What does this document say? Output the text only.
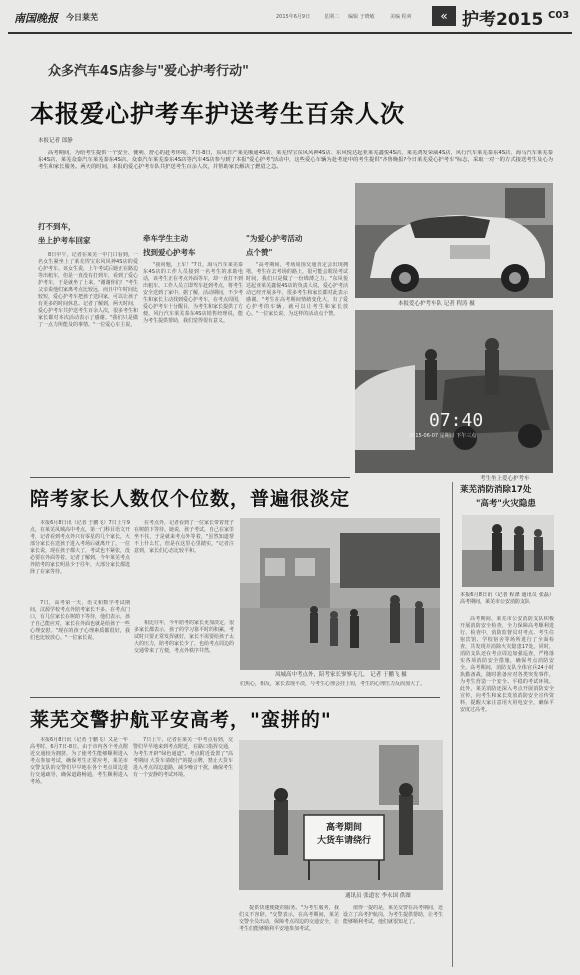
南国晚报 今日莱芜	2015年6月9日	星期二 编辑 于晓敏	美编 程爽	« 护考2015 C03
众多汽车4S店参与"爱心护考行动"
本报爱心护考车护送考生百余人次
本报记者 郎静
高考期间，为给考生提供一个安全、便利、舒心的赶考环境，7日-8日，东风日产莱芜顺通4S店、莱芜悍宝东风风神4S店、东风悦达起亚莱芜鑫悦4S店、莱芜鸿发荣威4S店、风行汽车莱芜泰东4S店、海马汽车莱芜泰东4S店、莱芜众泰汽车莱芜泰东4S店、众泰汽车莱芜泰东4S店等汽车4S店参与到了本报"爱心护考"活动中，这些爱心车辆为赴考途中的考生提供"齐鲁晚报?今日莱芜爱心护考车"标志，采取一对一的方式接送考生及心为考生和家长服务。两天的时间，本报的爱心护考车队共护送考生百余人次，并帮助家长解决了燃眉之急。
打不到车，
坐上护考车回家
8日中午，记者在莱芜一中门口看到，一名女生紧坐上了莱芜悍宝东风风神4S店的爱心护考车。该女生说，上午考试后她正在路边等出租车，但是一直没有打到车，看到了爱心护考车，于是就坐了上来，"谢谢你们！"考生父亲说他们家离考点比较远，而且中午时间比较短，爱心护考车把孩子送回家，可以让孩子有更多的时间休息。记者了解到，两天时间，爱心护考车共护送考生百余人次，很多考生和家长都对本次活动表示了感谢。"我们只是做了一点力所能及的事情。"一位爱心车主说。
牵车学生主动
找到爱心护考车
"我问题，上车！"7日，海马汽车莱芜泰东4S店的工作人员接到一名考生的求助电话，该考生正在考点外面等车，却一直打不到出租车。工作人员立即驾车赶到考点，将考生安全送到了家中。据了解，活动期间，不少考生和家长主动找到爱心护考车，在考点周围，爱心护考车十分醒目，为考生和家长提供了方便。风行汽车莱芜泰东4S店销售经理说，能为考生提供帮助，我们觉得很有意义。
"为爱心护考活动
点个赞"
"高考期间，考场周围交通肯定会出现拥堵，考生在去考场的路上，很可能会耽误考试时间，我们只是做了一份绵薄之力。"东风悦达起亚莱芜鑫悦4S店的负责人说，爱心护考活动已经开展多年，很多考生和家长都对此表示感谢。"考生在高考期间情绪变化大，有了爱心护考的车辆，就可以让考生和家长放心。"一位家长说，为这样的活动点个赞。
本报爱心护考车队 记者 程涛 摄
07:40
2015-06-07 星期日 下午三点
考生坐上爱心护考车
陪考家长人数仅个位数，普遍很淡定
本报6月8日讯（记者 于鹏飞）7日上午9点，在莱芜凤城高中考点，第一门科目语文开考，记者看到考点外只有零星的几个家长，大部分家长在送孩子进入考场后就离开了。一位家长说，现在孩子都大了，考试也不紧张，没必要在外面等着。记者了解到，今年莱芜考点外陪考的家长明显少于往年，大部分家长都选择了在家等待。
7日，高考第一天，语文和数学考试期间，汶源学校考点外陪考家长不多。在考点门口，有几位家长在树荫下等待，他们表示，孩子自己能应对，家长在外面也就是给孩子一些心理安慰。"现在的孩子心理素质都很好，我们也比较放心。"一位家长说。
在考点外，记者看到了一位家长带着凳子在树荫下等待。她说，孩子考试，自己在家里坐不住，于是就来考点外等着，"虽然知道帮不上什么忙，但是在这里心里踏实。"记者注意到，家长们心态比较平和。
相比往年，今年陪考的家长更加淡定，很多家长都表示，孩子的学习靠平时的积累，考试时只要正常发挥就好，家长不需要给孩子太大的压力，陪考的家长少了，也给考点周边的交通带来了方便，考点外秩序井然。
凤城高中考点外，陪考家长寥寥无几。 记者 于鹏飞 摄
们焦心，相反，家长表现平淡，与考生心理会挂上钩，考生的心理压力反而加大了。
莱芜交警护航平安高考，"蛮拼的"
本报6月8日讯（记者 于鹏飞）又是一年高考时，6月7日-8日，由于市内各个考点附近交通较为拥挤，为了使考生能够顺利进入考点参加考试，确保考生正常应考，莱芜市交警支队的交警们早早地在各个考点周边进行交通疏导，确保道路畅通，考生顺利进入考场。
7日上午，记者在莱芜一中考点看到，交警们早早地来到考点附近，在路口指挥交通，为考生开辟"绿色通道"。考点附近设置了"高考期间 大货车请绕行"的提示牌，禁止大货车进入考点周边道路，减少噪音干扰，确保考生有一个安静的考试环境。
高考期间
大货车请绕行
通讯员 张道宏 李永国 供图
提供快速便捷的服务。"为考生服务，我们义不容辞。"交警表示，在高考期间，莱芜交警全员出动，保障考点周边的交通安全，让考生们能够顺利平安地参加考试。
值得一提的是，莱芜交警在高考期间，还设立了高考护航岗，为考生提供帮助，让考生能够顺利考试，他们就很知足了。
莱芜消防消除17处
"高考"火灾隐患
本报6月8日讯（记者 程涤 通讯员 张磊）高考期间，莱芜市公安消防支队
高考期间，莱芜市公安消防支队积极开展消防安全检查，全力保障高考顺利进行。检查中，消防监督员对考点、考生住宿宾馆、学校宿舍等场所进行了全面检查，共发现并消除火灾隐患17处。同时，消防支队还在考点周边加强巡查，严格落实各项消防安全措施，确保考点消防安全。高考期间，消防支队全体官兵24小时执勤备战，随时准备应对各类突发事件，为考生营造一个安全、平稳的考试环境。此外，莱芜消防还深入考点开展消防安全宣传，向考生和家长发放消防安全宣传资料，提醒大家注意用火用电安全，确保平安度过高考。
